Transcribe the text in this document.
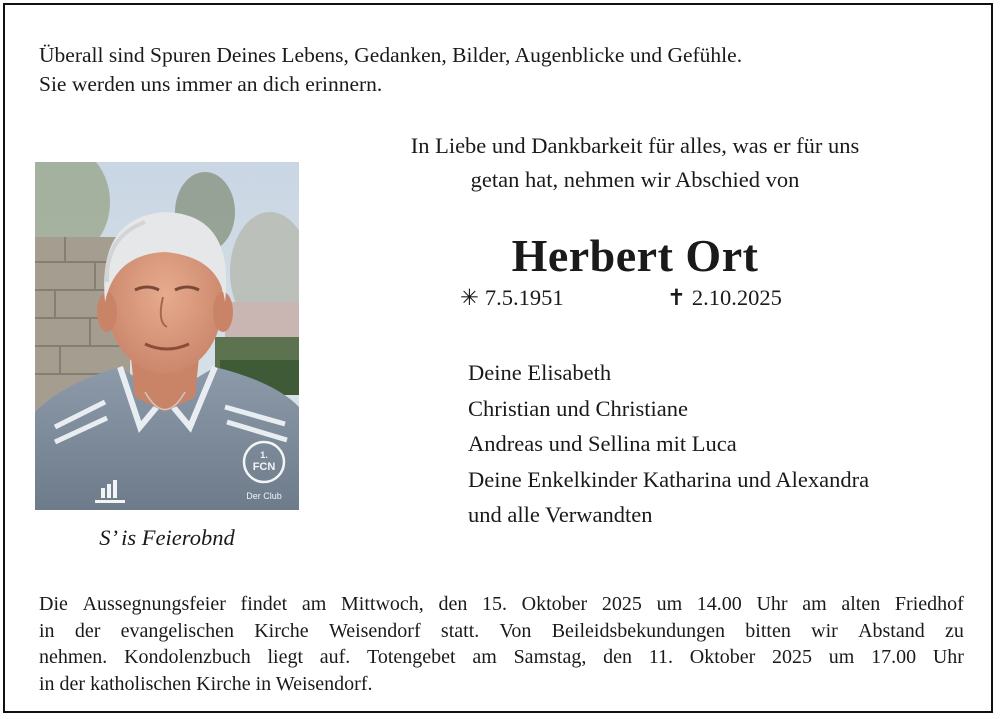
Überall sind Spuren Deines Lebens, Gedanken, Bilder, Augenblicke und Gefühle.
Sie werden uns immer an dich erinnern.
In Liebe und Dankbarkeit für alles, was er für uns
getan hat, nehmen wir Abschied von
Herbert Ort
✳ 7.5.1951	✝ 2.10.2025
1.
FCN
Der Club
S’ is Feierobnd
Deine Elisabeth
Christian und Christiane
Andreas und Sellina mit Luca
Deine Enkelkinder Katharina und Alexandra
und alle Verwandten
Die Aussegnungsfeier findet am Mittwoch, den 15. Oktober 2025 um 14.00 Uhr am alten Friedhof
in der evangelischen Kirche Weisendorf statt. Von Beileidsbekundungen bitten wir Abstand zu
nehmen. Kondolenzbuch liegt auf. Totengebet am Samstag, den 11. Oktober 2025 um 17.00 Uhr
in der katholischen Kirche in Weisendorf.
